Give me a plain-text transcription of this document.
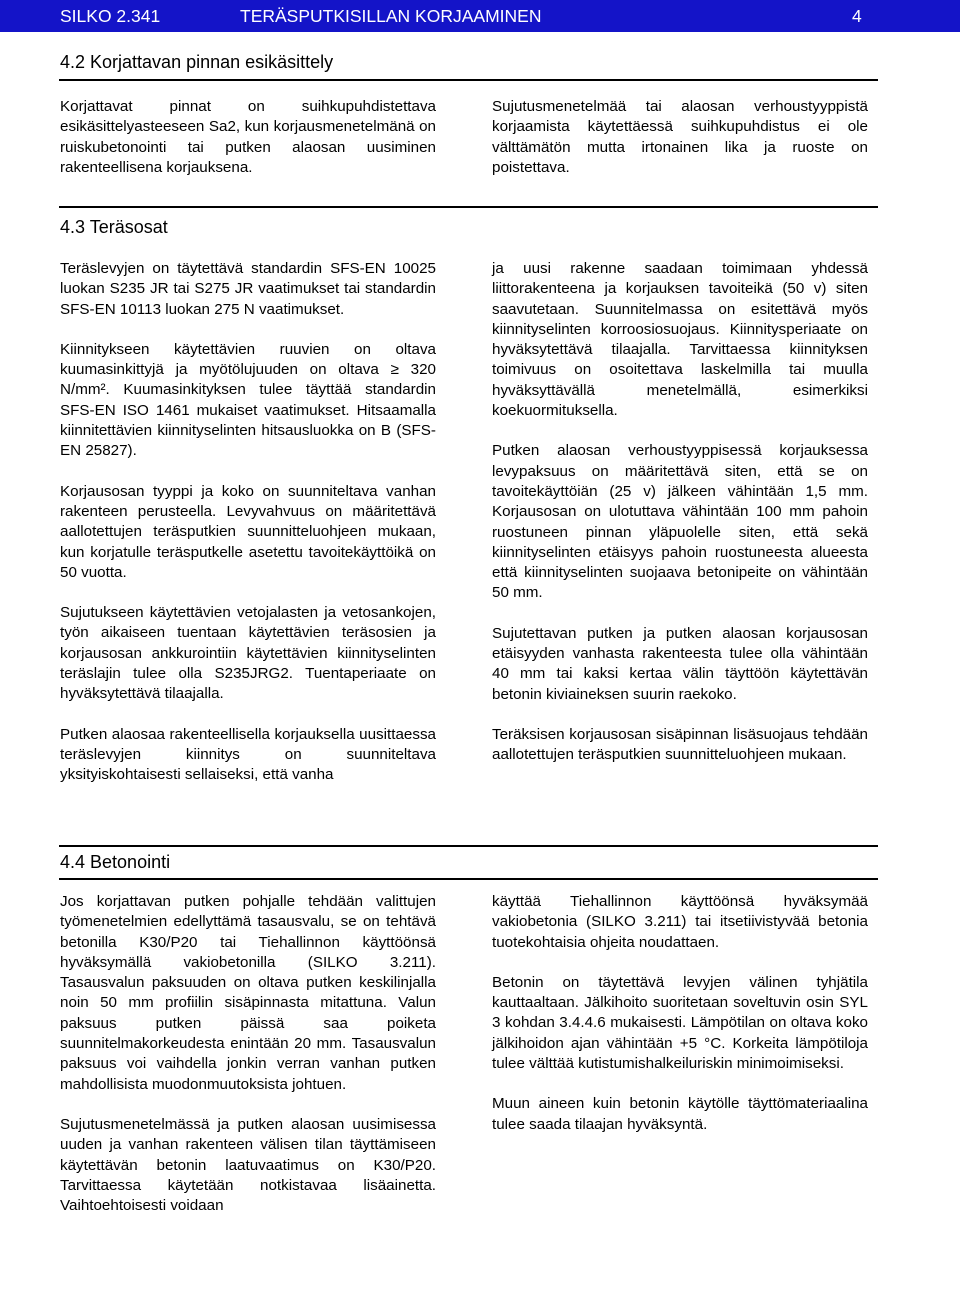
SILKO 2.341	TERÄSPUTKISILLAN KORJAAMINEN	4
4.2 Korjattavan pinnan esikäsittely

Korjattavat pinnat on suihkupuhdistettava esikäsittelyasteeseen Sa2, kun korjausmenetelmänä on ruiskubetonointi tai putken alaosan uusiminen rakenteellisena korjauksena.

Sujutusmenetelmää tai alaosan verhoustyyppistä korjaamista käytettäessä suihkupuhdistus ei ole välttämätön mutta irtonainen lika ja ruoste on poistettava.

4.3 Teräsosat

Teräslevyjen on täytettävä standardin SFS-EN 10025 luokan S235 JR tai S275 JR vaatimukset tai standardin SFS-EN 10113 luokan 275 N vaatimukset.

Kiinnitykseen käytettävien ruuvien on oltava kuumasinkittyjä ja myötölujuuden on oltava ≥ 320 N/mm². Kuumasinkityksen tulee täyttää standardin SFS-EN ISO 1461 mukaiset vaatimukset. Hitsaamalla kiinnitettävien kiinnityselinten hitsausluokka on B (SFS-EN 25827).

Korjausosan tyyppi ja koko on suunniteltava vanhan rakenteen perusteella. Levyvahvuus on määritettävä aallotettujen teräsputkien suunnitteluohjeen mukaan, kun korjatulle teräsputkelle asetettu tavoitekäyttöikä on 50 vuotta.

Sujutukseen käytettävien vetojalasten ja vetosankojen, työn aikaiseen tuentaan käytettävien teräsosien ja korjausosan ankkurointiin käytettävien kiinnityselinten teräslajin tulee olla S235JRG2. Tuentaperiaate on hyväksytettävä tilaajalla.

Putken alaosaa rakenteellisella korjauksella uusittaessa teräslevyjen kiinnitys on suunniteltava yksityiskohtaisesti sellaiseksi, että vanha

ja uusi rakenne saadaan toimimaan yhdessä liittorakenteena ja korjauksen tavoiteikä (50 v) siten saavutetaan. Suunnitelmassa on esitettävä myös kiinnityselinten korroosiosuojaus. Kiinnitysperiaate on hyväksytettävä tilaajalla. Tarvittaessa kiinnityksen toimivuus on osoitettava laskelmilla tai muulla hyväksyttävällä menetelmällä, esimerkiksi koekuormituksella.

Putken alaosan verhoustyyppisessä korjauksessa levypaksuus on määritettävä siten, että se on tavoitekäyttöiän (25 v) jälkeen vähintään 1,5 mm. Korjausosan on ulotuttava vähintään 100 mm pahoin ruostuneen pinnan yläpuolelle siten, että sekä kiinnityselinten etäisyys pahoin ruostuneesta alueesta että kiinnityselinten suojaava betonipeite on vähintään 50 mm.

Sujutettavan putken ja putken alaosan korjausosan etäisyyden vanhasta rakenteesta tulee olla vähintään 40 mm tai kaksi kertaa välin täyttöön käytettävän betonin kiviaineksen suurin raekoko.

Teräksisen korjausosan sisäpinnan lisäsuojaus tehdään aallotettujen teräsputkien suunnitteluohjeen mukaan.

4.4 Betonointi

Jos korjattavan putken pohjalle tehdään valittujen työmenetelmien edellyttämä tasausvalu, se on tehtävä betonilla K30/P20 tai Tiehallinnon käyttöönsä hyväksymällä vakiobetonilla (SILKO 3.211). Tasausvalun paksuuden on oltava putken keskilinjalla noin 50 mm profiilin sisäpinnasta mitattuna. Valun paksuus putken päissä saa poiketa suunnitelmakorkeudesta enintään 20 mm. Tasausvalun paksuus voi vaihdella jonkin verran vanhan putken mahdollisista muodonmuutoksista johtuen.

Sujutusmenetelmässä ja putken alaosan uusimisessa uuden ja vanhan rakenteen välisen tilan täyttämiseen käytettävän betonin laatuvaatimus on K30/P20. Tarvittaessa käytetään notkistavaa lisäainetta. Vaihtoehtoisesti voidaan

käyttää Tiehallinnon käyttöönsä hyväksymää vakiobetonia (SILKO 3.211) tai itsetiivistyvää betonia tuotekohtaisia ohjeita noudattaen.

Betonin on täytettävä levyjen välinen tyhjätila kauttaaltaan. Jälkihoito suoritetaan soveltuvin osin SYL 3 kohdan 3.4.4.6 mukaisesti. Lämpötilan on oltava koko jälkihoidon ajan vähintään +5 °C. Korkeita lämpötiloja tulee välttää kutistumishalkeiluriskin minimoimiseksi.

Muun aineen kuin betonin käytölle täyttömateriaalina tulee saada tilaajan hyväksyntä.
